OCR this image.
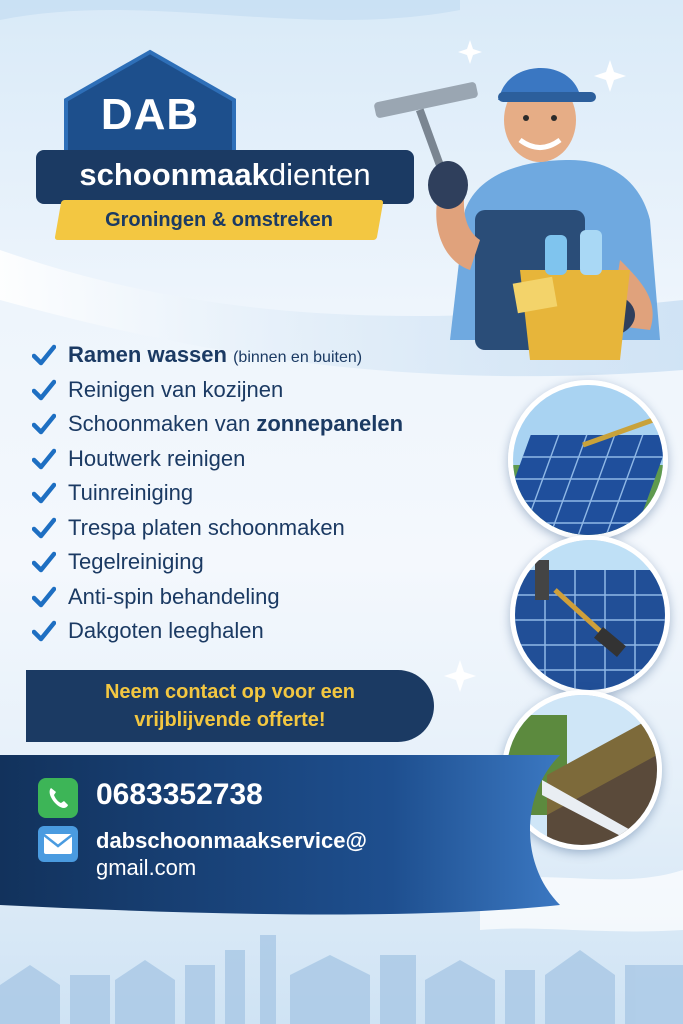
DAB
schoonmaakdienten
Groningen & omstreken
Ramen wassen (binnen en buiten)
Reinigen van kozijnen
Schoonmaken van zonnepanelen
Houtwerk reinigen
Tuinreiniging
Trespa platen schoonmaken
Tegelreiniging
Anti-spin behandeling
Dakgoten leeghalen
Neem contact op voor een
vrijblijvende offerte!
0683352738
dabschoonmaakservice@
gmail.com
